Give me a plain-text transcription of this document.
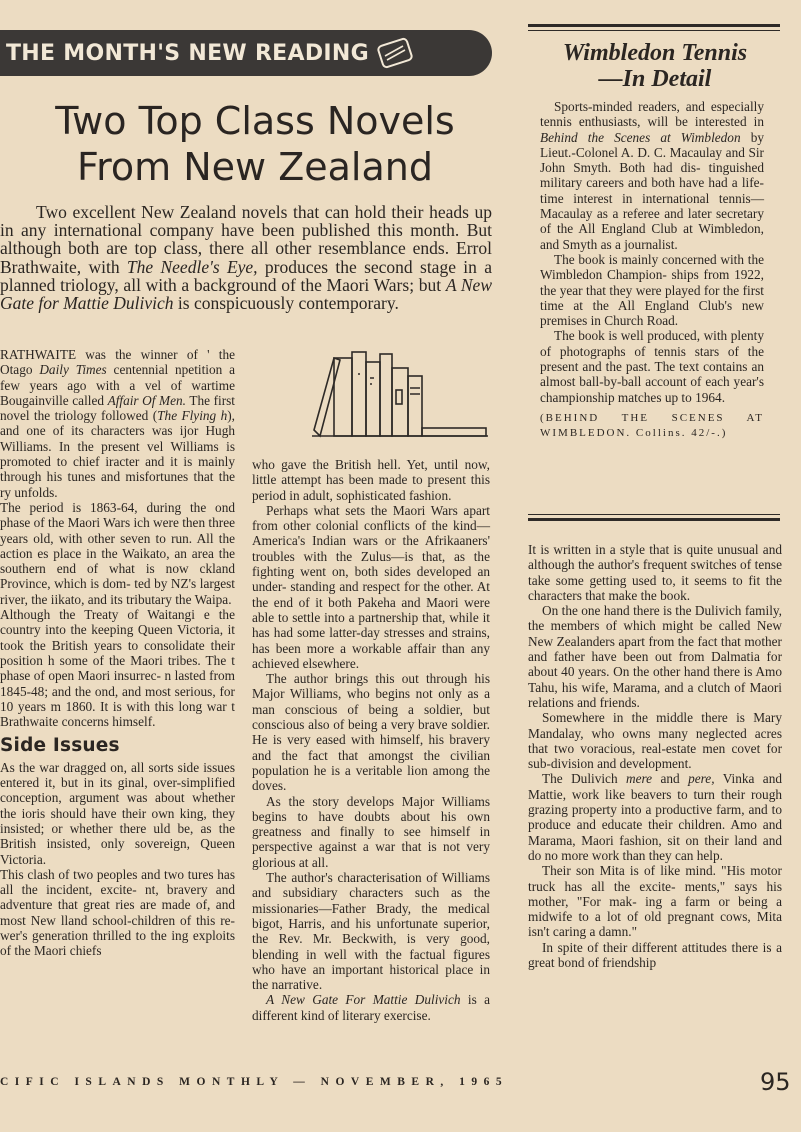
THE MONTH'S NEW READING
Two Top Class Novels
From New Zealand

Two excellent New Zealand novels that can hold their heads up in any international company have been published this month. But although both are top class, there all other resemblance ends. Errol Brathwaite, with The Needle's Eye, produces the second stage in a planned triology, all with a background of the Maori Wars; but A New Gate for Mattie Dulivich is conspicuously contemporary.

RATHWAITE was the winner of ' the Otago Daily Times centennial npetition a few years ago with a vel of wartime Bougainville called Affair Of Men. The first novel the triology followed (The Flying h), and one of its characters was ijor Hugh Williams. In the present vel Williams is promoted to chief iracter and it is mainly through his tunes and misfortunes that the ry unfolds.

The period is 1863-64, during the ond phase of the Maori Wars ich were then three years old, with other seven to run. All the action es place in the Waikato, an area the southern end of what is now ckland Province, which is dom- ted by NZ's largest river, the iikato, and its tributary the Waipa.

Although the Treaty of Waitangi e the country into the keeping Queen Victoria, it took the British years to consolidate their position h some of the Maori tribes. The t phase of open Maori insurrec- n lasted from 1845-48; and the ond, and most serious, for 10 years m 1860. It is with this long war t Brathwaite concerns himself.

Side Issues

As the war dragged on, all sorts side issues entered it, but in its ginal, over-simplified conception, argument was about whether the ioris should have their own king, they insisted; or whether there uld be, as the British insisted, only sovereign, Queen Victoria.

This clash of two peoples and two tures has all the incident, excite- nt, bravery and adventure that great ries are made of, and most New lland school-children of this re- wer's generation thrilled to the ing exploits of the Maori chiefs

who gave the British hell. Yet, until now, little attempt has been made to present this period in adult, sophisticated fashion.

Perhaps what sets the Maori Wars apart from other colonial conflicts of the kind—America's Indian wars or the Afrikaaners' troubles with the Zulus—is that, as the fighting went on, both sides developed an under- standing and respect for the other. At the end of it both Pakeha and Maori were able to settle into a partnership that, while it has had some latter-day stresses and strains, has been more a workable affair than any achieved elsewhere.

The author brings this out through his Major Williams, who begins not only as a man conscious of being a soldier, but conscious also of being a very brave soldier. He is very eased with himself, his bravery and the fact that amongst the civilian population he is a veritable lion among the doves.

As the story develops Major Williams begins to have doubts about his own greatness and finally to see himself in perspective against a war that is not very glorious at all.

The author's characterisation of Williams and subsidiary characters such as the missionaries—Father Brady, the medical bigot, Harris, and his unfortunate superior, the Rev. Mr. Beckwith, is very good, blending in well with the factual figures who have an important historical place in the narrative.

A New Gate For Mattie Dulivich is a different kind of literary exercise.

Wimbledon Tennis
—In Detail

Sports-minded readers, and especially tennis enthusiasts, will be interested in Behind the Scenes at Wimbledon by Lieut.-Colonel A. D. C. Macaulay and Sir John Smyth. Both had dis- tinguished military careers and both have had a life-time interest in international tennis—Macaulay as a referee and later secretary of the All England Club at Wimbledon, and Smyth as a journalist.

The book is mainly concerned with the Wimbledon Champion- ships from 1922, the year that they were played for the first time at the All England Club's new premises in Church Road.

The book is well produced, with plenty of photographs of tennis stars of the present and the past. The text contains an almost ball-by-ball account of each year's championship matches up to 1964.

(BEHIND THE SCENES AT WIMBLEDON. Collins. 42/-.)

It is written in a style that is quite unusual and although the author's frequent switches of tense take some getting used to, it seems to fit the characters that make the book.

On the one hand there is the Dulivich family, the members of which might be called New New Zealanders apart from the fact that mother and father have been out from Dalmatia for about 40 years. On the other hand there is Amo Tahu, his wife, Marama, and a clutch of Maori relations and friends.

Somewhere in the middle there is Mary Mandalay, who owns many neglected acres that two voracious, real-estate men covet for sub-division and development.

The Dulivich mere and pere, Vinka and Mattie, work like beavers to turn their rough grazing property into a productive farm, and to produce and educate their children. Amo and Marama, Maori fashion, sit on their land and do no more work than they can help.

Their son Mita is of like mind. "His motor truck has all the excite- ments," says his mother, "For mak- ing a farm or being a midwife to a lot of old pregnant cows, Mita isn't caring a damn."

In spite of their different attitudes there is a great bond of friendship

CIFIC ISLANDS MONTHLY — NOVEMBER, 1965	95
